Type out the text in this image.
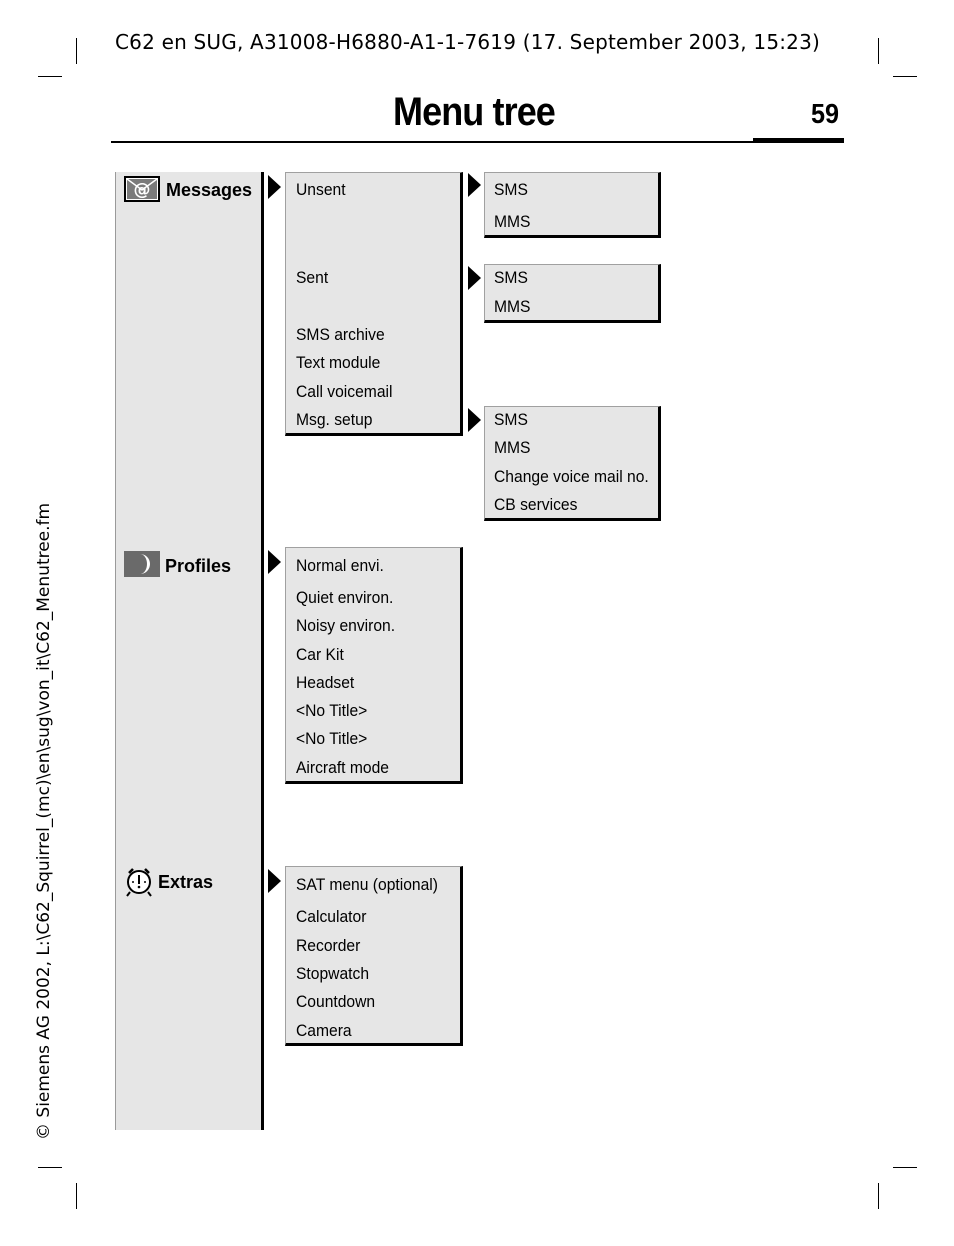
C62 en SUG, A31008-H6880-A1-1-7619 (17. September 2003, 15:23)
Menu tree	59
© Siemens AG 2002, L:\C62_Squirrel_(mc)\en\sug\von_it\C62_Menutree.fm
@ Messages	Unsent
Sent
SMS archive
Text module
Call voicemail
Msg. setup
SMS
MMS
SMS
MMS
SMS
MMS
Change voice mail no.
CB services
Profiles	Normal envi.
Quiet environ.
Noisy environ.
Car Kit
Headset
<No Title>
<No Title>
Aircraft mode
Extras	SAT menu (optional)
Calculator
Recorder
Stopwatch
Countdown
Camera
